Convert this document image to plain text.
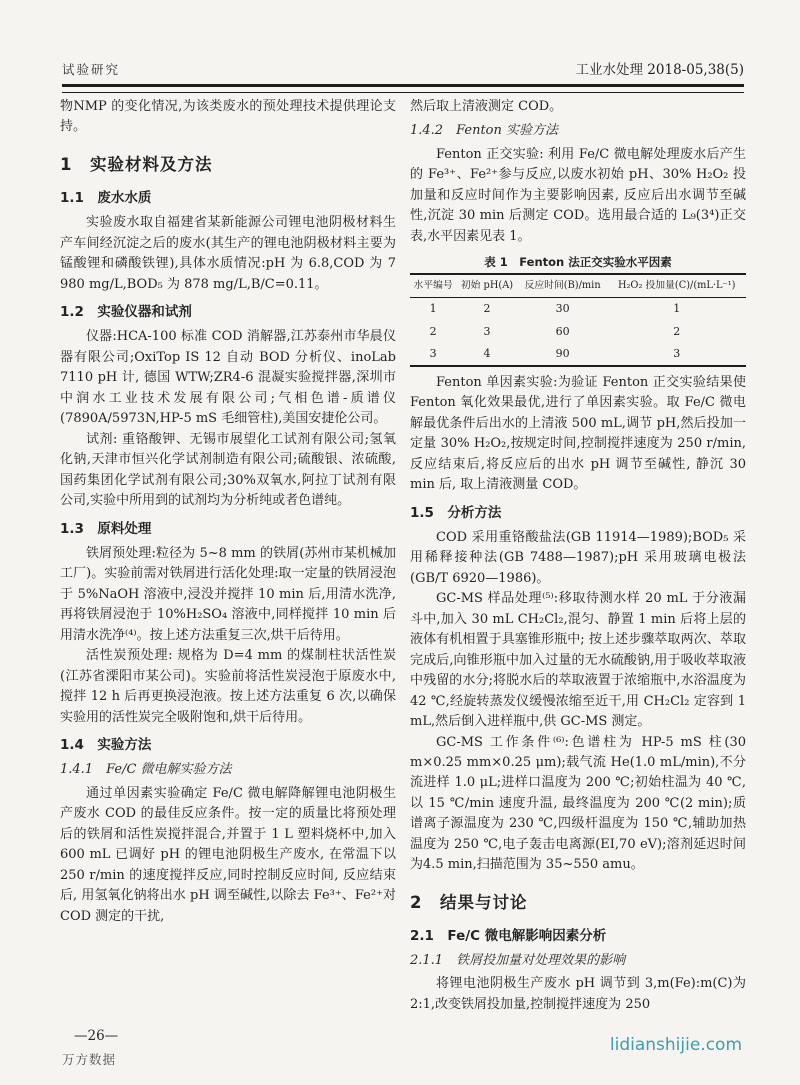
试验研究	工业水处理 2018-05,38(5)

物NMP 的变化情况,为该类废水的预处理技术提供理论支持。

1　实验材料及方法

1.1　废水水质

实验废水取自福建省某新能源公司锂电池阴极材料生产车间经沉淀之后的废水(其生产的锂电池阴极材料主要为锰酸锂和磷酸铁锂),具体水质情况:pH 为 6.8,COD 为 7 980 mg/L,BOD₅ 为 878 mg/L,B/C=0.11。

1.2　实验仪器和试剂

仪器:HCA-100 标准 COD 消解器,江苏泰州市华晨仪器有限公司;OxiTop IS 12 自动 BOD 分析仪、inoLab 7110 pH 计, 德国 WTW;ZR4-6 混凝实验搅拌器,深圳市中润水工业技术发展有限公司;气相色谱-质谱仪(7890A/5973N,HP-5 mS 毛细管柱),美国安捷伦公司。

试剂: 重铬酸钾、无锡市展望化工试剂有限公司;氢氧化钠,天津市恒兴化学试剂制造有限公司;硫酸银、浓硫酸,国药集团化学试剂有限公司;30%双氧水,阿拉丁试剂有限公司,实验中所用到的试剂均为分析纯或者色谱纯。

1.3　原料处理

铁屑预处理:粒径为 5~8 mm 的铁屑(苏州市某机械加工厂)。实验前需对铁屑进行活化处理:取一定量的铁屑浸泡于 5%NaOH 溶液中,浸没并搅拌 10 min 后,用清水洗净,再将铁屑浸泡于 10%H₂SO₄ 溶液中,同样搅拌 10 min 后用清水洗净⁽⁴⁾。按上述方法重复三次,烘干后待用。

活性炭预处理: 规格为 D=4 mm 的煤制柱状活性炭(江苏省溧阳市某公司)。实验前将活性炭浸泡于原废水中,搅拌 12 h 后再更换浸泡液。按上述方法重复 6 次,以确保实验用的活性炭完全吸附饱和,烘干后待用。

1.4　实验方法

1.4.1　Fe/C 微电解实验方法

通过单因素实验确定 Fe/C 微电解降解锂电池阴极生产废水 COD 的最佳反应条件。按一定的质量比将预处理后的铁屑和活性炭搅拌混合,并置于 1 L 塑料烧杯中,加入 600 mL 已调好 pH 的锂电池阴极生产废水, 在常温下以 250 r/min 的速度搅拌反应,同时控制反应时间, 反应结束后, 用氢氧化钠将出水 pH 调至碱性,以除去 Fe³⁺、Fe²⁺对 COD 测定的干扰,

然后取上清液测定 COD。

1.4.2　Fenton 实验方法

Fenton 正交实验: 利用 Fe/C 微电解处理废水后产生的 Fe³⁺、Fe²⁺参与反应,以废水初始 pH、30% H₂O₂ 投加量和反应时间作为主要影响因素, 反应后出水调节至碱性,沉淀 30 min 后测定 COD。选用最合适的 L₉(3⁴)正交表,水平因素见表 1。

表 1　Fenton 法正交实验水平因素

水平编号	初始 pH(A)	反应时间(B)/min	H₂O₂ 投加量(C)/(mL·L⁻¹)
1	2	30	1
2	3	60	2
3	4	90	3

Fenton 单因素实验:为验证 Fenton 正交实验结果使 Fenton 氧化效果最优,进行了单因素实验。取 Fe/C 微电解最优条件后出水的上清液 500 mL,调节 pH,然后投加一定量 30% H₂O₂,按规定时间,控制搅拌速度为 250 r/min,反应结束后,将反应后的出水 pH 调节至碱性, 静沉 30 min 后, 取上清液测量 COD。

1.5　分析方法

COD 采用重铬酸盐法(GB 11914—1989);BOD₅ 采用稀释接种法(GB 7488—1987);pH 采用玻璃电极法(GB/T 6920—1986)。

GC-MS 样品处理⁽⁵⁾:移取待测水样 20 mL 于分液漏斗中,加入 30 mL CH₂Cl₂,混匀、静置 1 min 后将上层的液体有机相置于具塞锥形瓶中; 按上述步骤萃取两次、萃取完成后,向锥形瓶中加入过量的无水硫酸钠,用于吸收萃取液中残留的水分;将脱水后的萃取液置于浓缩瓶中,水浴温度为 42 ℃,经旋转蒸发仪缓慢浓缩至近干,用 CH₂Cl₂ 定容到 1 mL,然后倒入进样瓶中,供 GC-MS 测定。

GC-MS 工作条件⁽⁶⁾:色谱柱为 HP-5 mS 柱(30 m×0.25 mm×0.25 μm);载气流 He(1.0 mL/min),不分流进样 1.0 μL;进样口温度为 200 ℃;初始柱温为 40 ℃,以 15 ℃/min 速度升温, 最终温度为 200 ℃(2 min);质谱离子源温度为 230 ℃,四级杆温度为 150 ℃,辅助加热温度为 250 ℃,电子轰击电离源(EI,70 eV);溶剂延迟时间为4.5 min,扫描范围为 35~550 amu。

2　结果与讨论

2.1　Fe/C 微电解影响因素分析

2.1.1　铁屑投加量对处理效果的影响

将锂电池阴极生产废水 pH 调节到 3,m(Fe):m(C)为 2:1,改变铁屑投加量,控制搅拌速度为 250

—26—
万方数据
lidianshijie.com
